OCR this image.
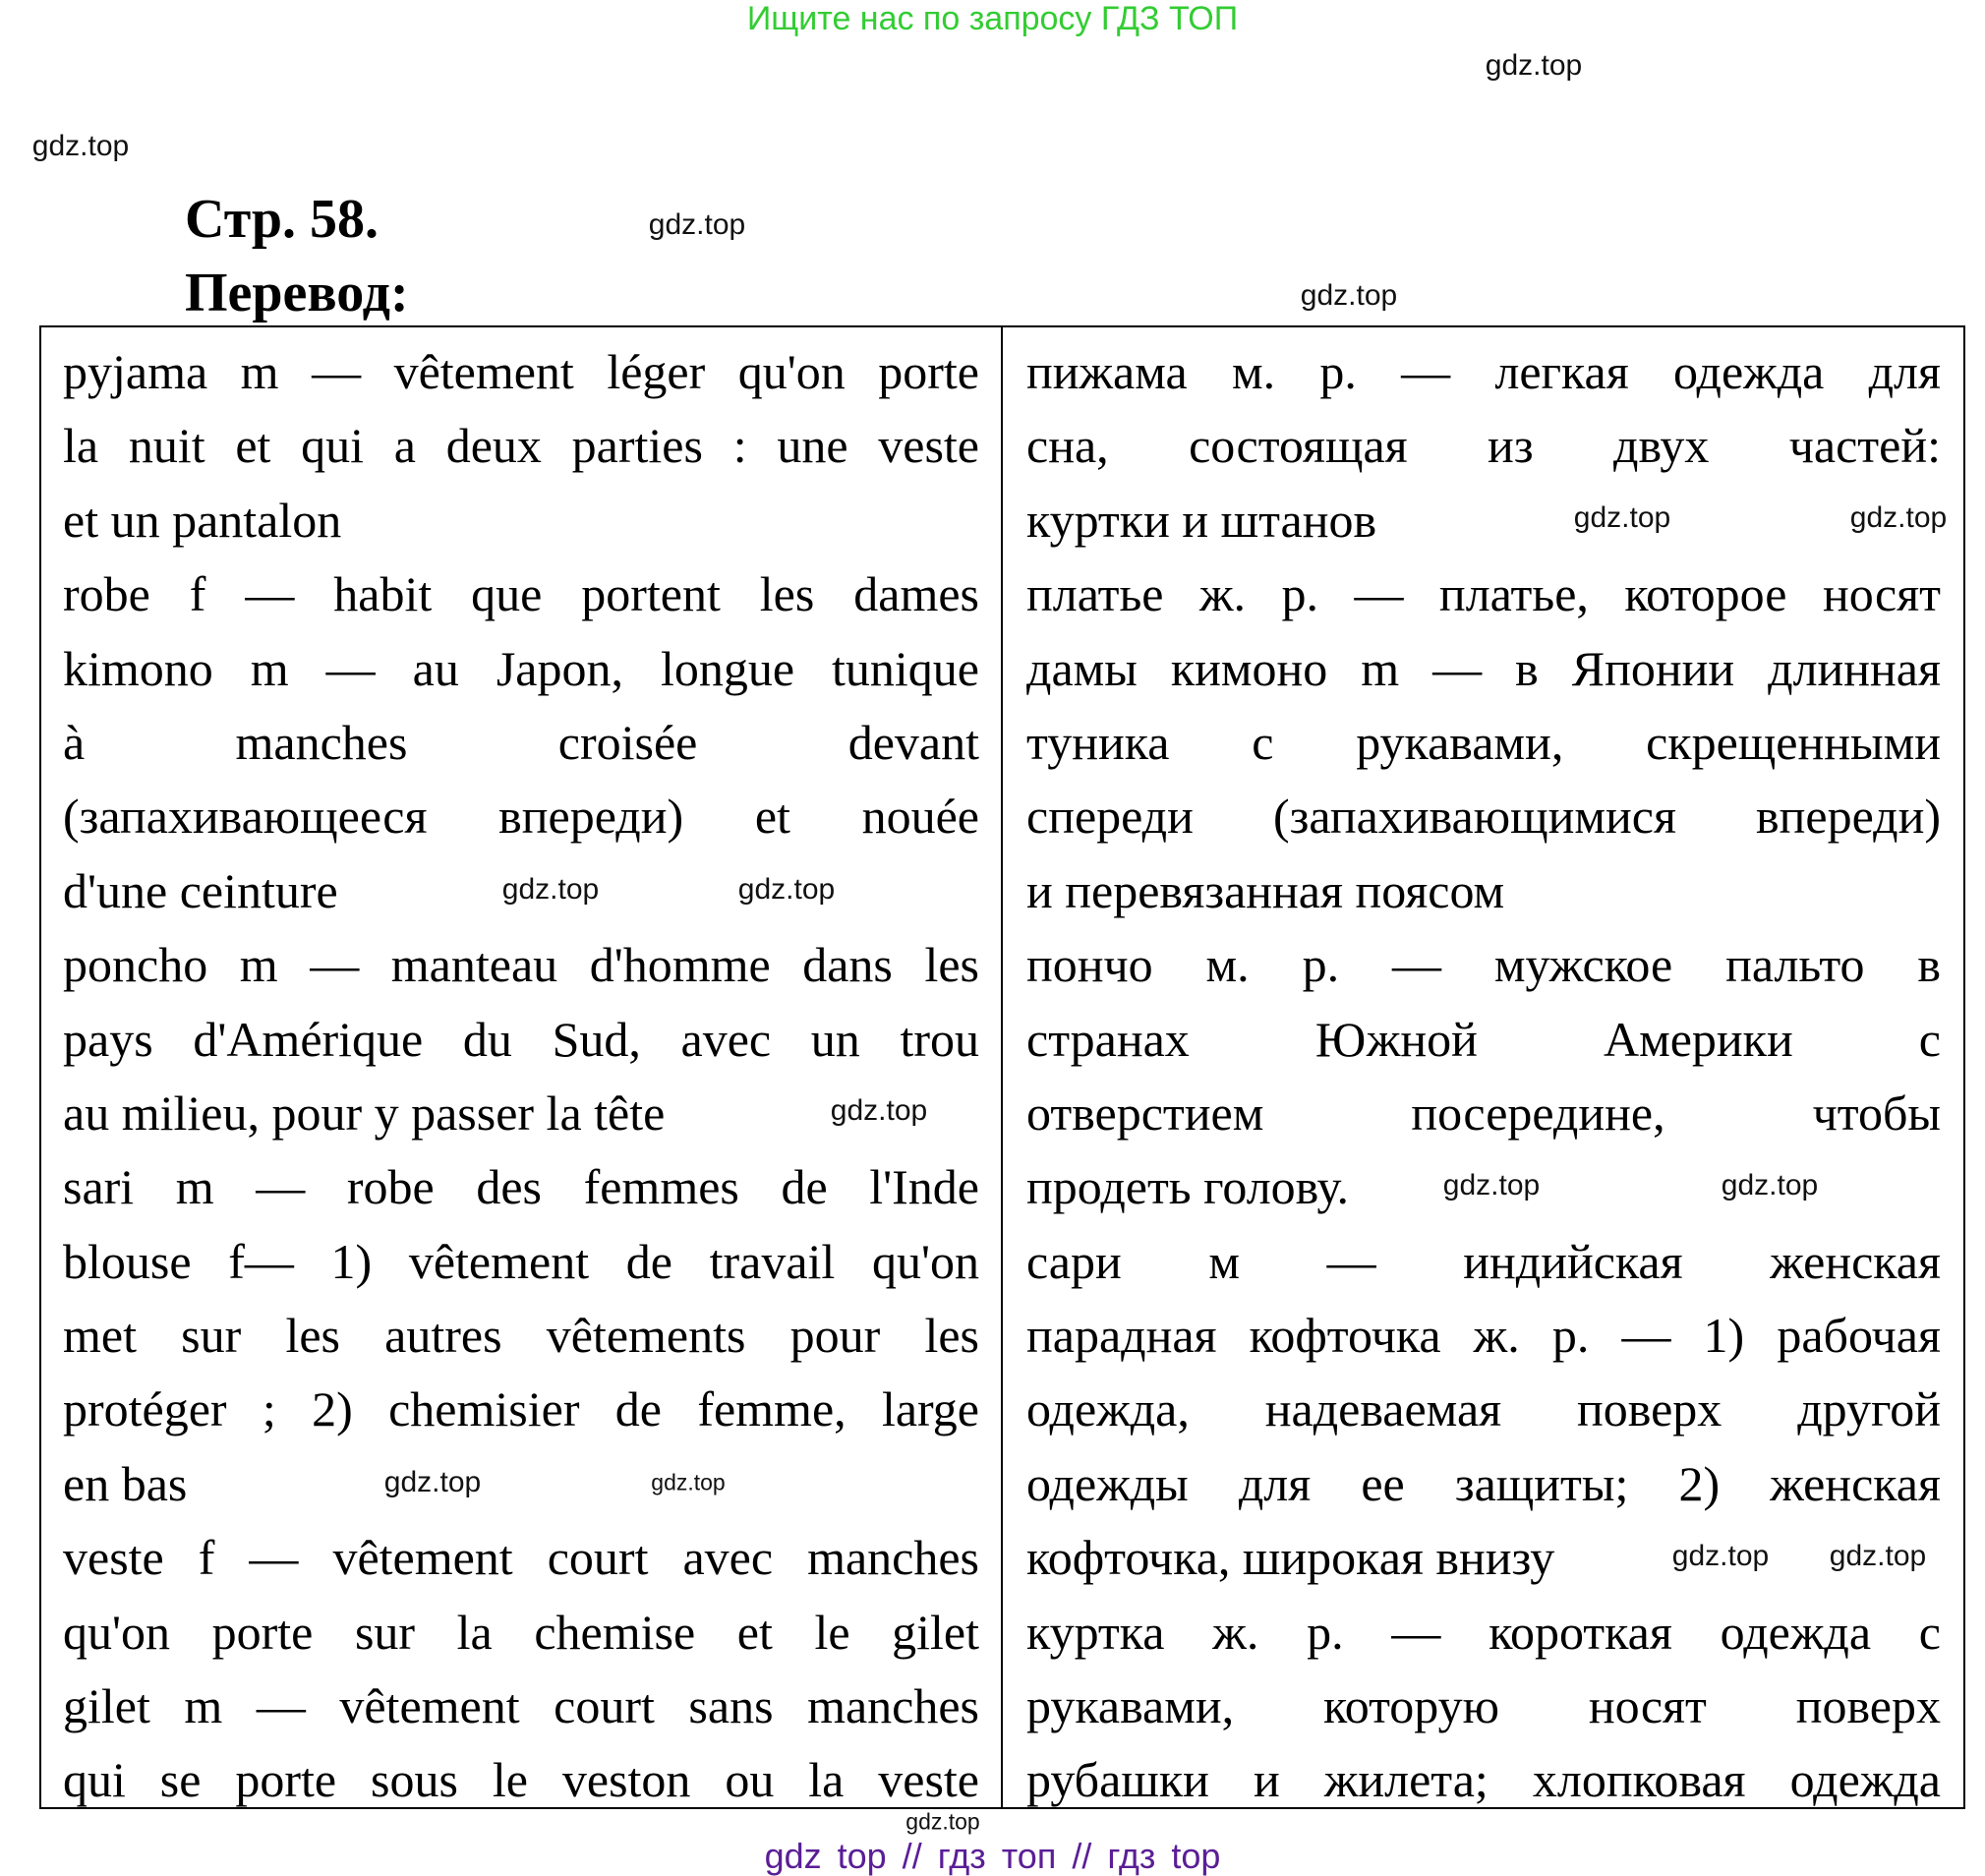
Ищите нас по запросу ГДЗ ТОП
Стр. 58.
Перевод:
pyjama m — vêtement léger qu'on porte
la nuit et qui a deux parties : une veste
et un pantalon
robe f — habit que portent les dames
kimono m — au Japon, longue tunique
à manches croisée devant
(запахивающееся впереди) et nouée
d'une ceinture
poncho m — manteau d'homme dans les
pays d'Amérique du Sud, avec un trou
au milieu, pour y passer la tête
sari m — robe des femmes de l'Inde
blouse f— 1) vêtement de travail qu'on
met sur les autres vêtements pour les
protéger ; 2) chemisier de femme, large
en bas
veste f — vêtement court avec manches
qu'on porte sur la chemise et le gilet
gilet m — vêtement court sans manches
qui se porte sous le veston ou la veste
пижама м. р. — легкая одежда для
сна, состоящая из двух частей:
куртки и штанов
платье ж. р. — платье, которое носят
дамы кимоно m — в Японии длинная
туника с рукавами, скрещенными
спереди (запахивающимися впереди)
и перевязанная поясом
пончо м. р. — мужское пальто в
странах Южной Америки с
отверстием посередине, чтобы
продеть голову.
сари м — индийская женская
парадная кофточка ж. р. — 1) рабочая
одежда, надеваемая поверх другой
одежды для ее защиты; 2) женская
кофточка, широкая внизу
куртка ж. р. — короткая одежда с
рукавами, которую носят поверх
рубашки и жилета; хлопковая одежда
gdz.top
gdz.top
gdz.top
gdz.top
gdz.top
gdz.top
gdz.top
gdz.top
gdz.top
gdz.top	gdz.top
gdz.top
gdz.top
gdz.top gdz.top
gdz.top
gdz top // гдз топ // гдз top
